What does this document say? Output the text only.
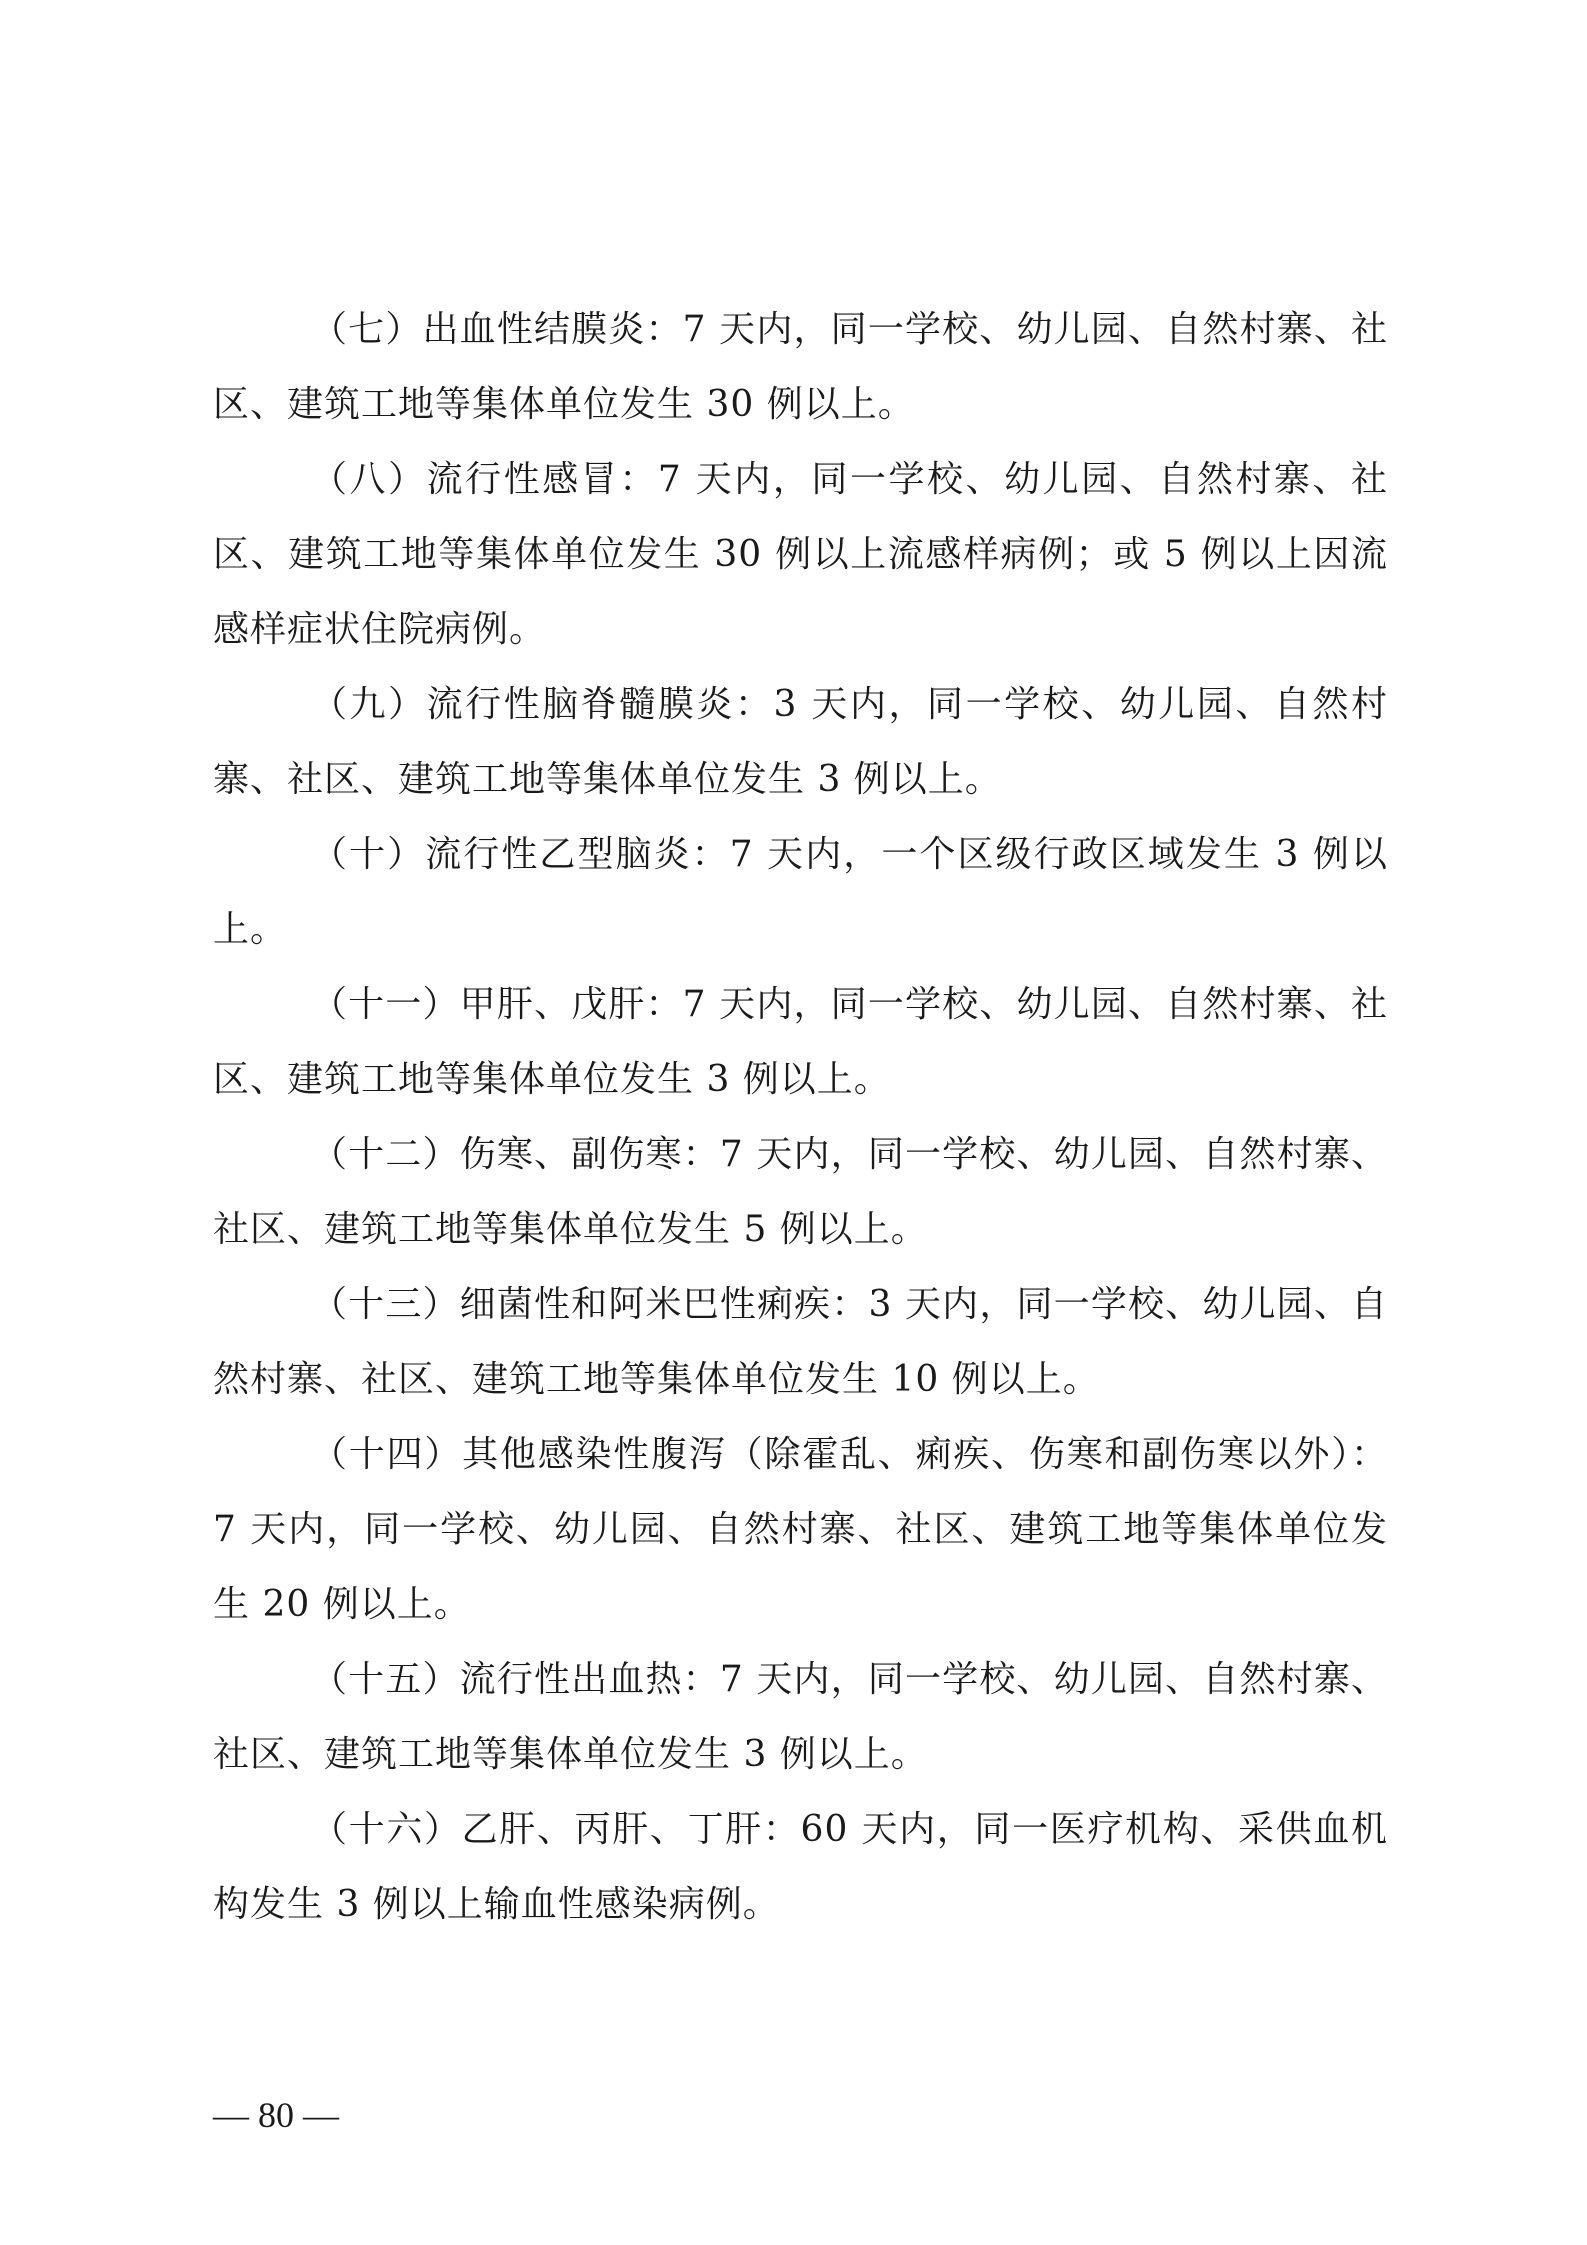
（七）出血性结膜炎：7 天内，同一学校、幼儿园、自然村寨、社区、建筑工地等集体单位发生 30 例以上。

（八）流行性感冒：7 天内，同一学校、幼儿园、自然村寨、社区、建筑工地等集体单位发生 30 例以上流感样病例；或 5 例以上因流感样症状住院病例。

（九）流行性脑脊髓膜炎：3 天内，同一学校、幼儿园、自然村寨、社区、建筑工地等集体单位发生 3 例以上。

（十）流行性乙型脑炎：7 天内，一个区级行政区域发生 3 例以上。

（十一）甲肝、戊肝：7 天内，同一学校、幼儿园、自然村寨、社区、建筑工地等集体单位发生 3 例以上。

（十二）伤寒、副伤寒：7 天内，同一学校、幼儿园、自然村寨、社区、建筑工地等集体单位发生 5 例以上。

（十三）细菌性和阿米巴性痢疾：3 天内，同一学校、幼儿园、自然村寨、社区、建筑工地等集体单位发生 10 例以上。

（十四）其他感染性腹泻（除霍乱、痢疾、伤寒和副伤寒以外）：7 天内，同一学校、幼儿园、自然村寨、社区、建筑工地等集体单位发生 20 例以上。

（十五）流行性出血热：7 天内，同一学校、幼儿园、自然村寨、社区、建筑工地等集体单位发生 3 例以上。

（十六）乙肝、丙肝、丁肝：60 天内，同一医疗机构、采供血机构发生 3 例以上输血性感染病例。

— 80 —
